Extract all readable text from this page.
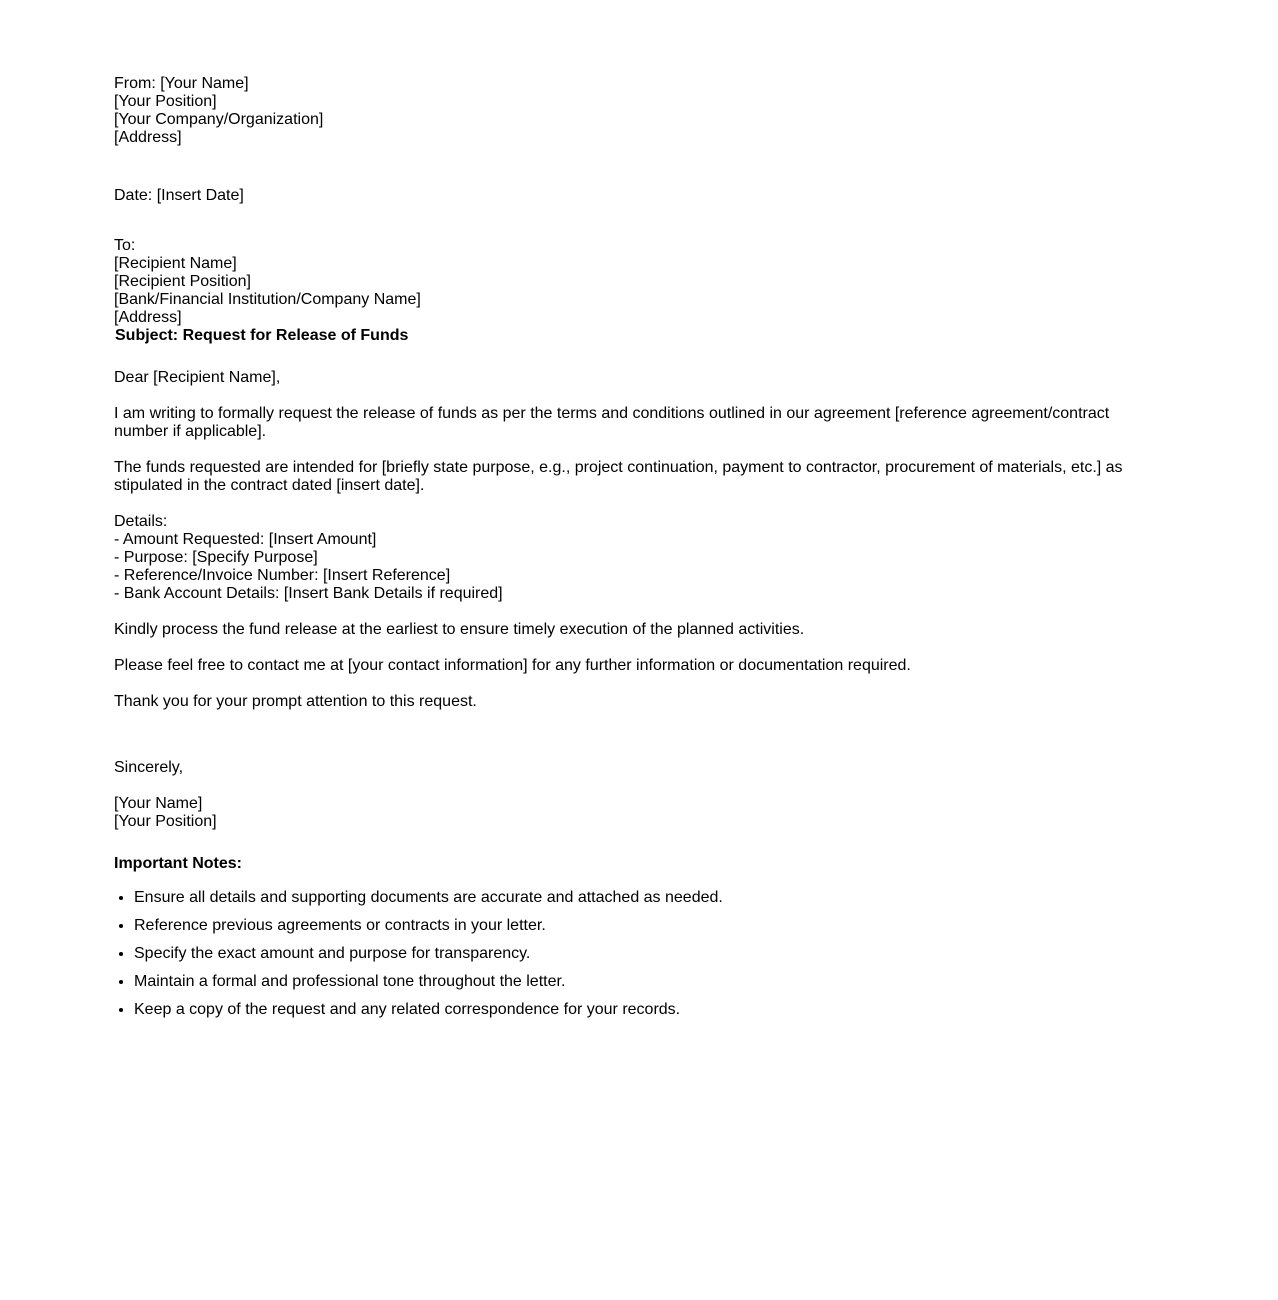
From: [Your Name]
[Your Position]
[Your Company/Organization]
[Address]
Date: [Insert Date]
To:
[Recipient Name]
[Recipient Position]
[Bank/Financial Institution/Company Name]
[Address]
Subject: Request for Release of Funds
Dear [Recipient Name],
I am writing to formally request the release of funds as per the terms and conditions outlined in our agreement [reference agreement/contract number if applicable].
The funds requested are intended for [briefly state purpose, e.g., project continuation, payment to contractor, procurement of materials, etc.] as stipulated in the contract dated [insert date].
Details:
- Amount Requested: [Insert Amount]
- Purpose: [Specify Purpose]
- Reference/Invoice Number: [Insert Reference]
- Bank Account Details: [Insert Bank Details if required]
Kindly process the fund release at the earliest to ensure timely execution of the planned activities.
Please feel free to contact me at [your contact information] for any further information or documentation required.
Thank you for your prompt attention to this request.
Sincerely,
[Your Name]
[Your Position]
Important Notes:
• Ensure all details and supporting documents are accurate and attached as needed.
• Reference previous agreements or contracts in your letter.
• Specify the exact amount and purpose for transparency.
• Maintain a formal and professional tone throughout the letter.
• Keep a copy of the request and any related correspondence for your records.
